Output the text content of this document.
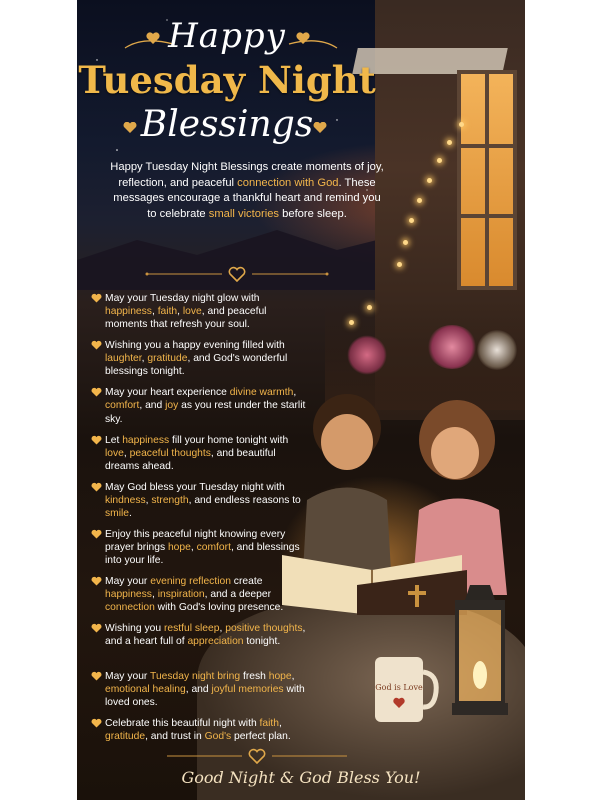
God is Love
Happy
Tuesday Night
Blessings
Happy Tuesday Night Blessings create moments of joy, reflection, and peaceful connection with God. These messages encourage a thankful heart and remind you to celebrate small victories before sleep.
May your Tuesday night glow with happiness, faith, love, and peaceful moments that refresh your soul.
Wishing you a happy evening filled with laughter, gratitude, and God's wonderful blessings tonight.
May your heart experience divine warmth, comfort, and joy as you rest under the starlit sky.
Let happiness fill your home tonight with love, peaceful thoughts, and beautiful dreams ahead.
May God bless your Tuesday night with kindness, strength, and endless reasons to smile.
Enjoy this peaceful night knowing every prayer brings hope, comfort, and blessings into your life.
May your evening reflection create happiness, inspiration, and a deeper connection with God's loving presence.
Wishing you restful sleep, positive thoughts, and a heart full of appreciation tonight.
May your Tuesday night bring fresh hope, emotional healing, and joyful memories with loved ones.
Celebrate this beautiful night with faith, gratitude, and trust in God's perfect plan.
Good Night & God Bless You!
